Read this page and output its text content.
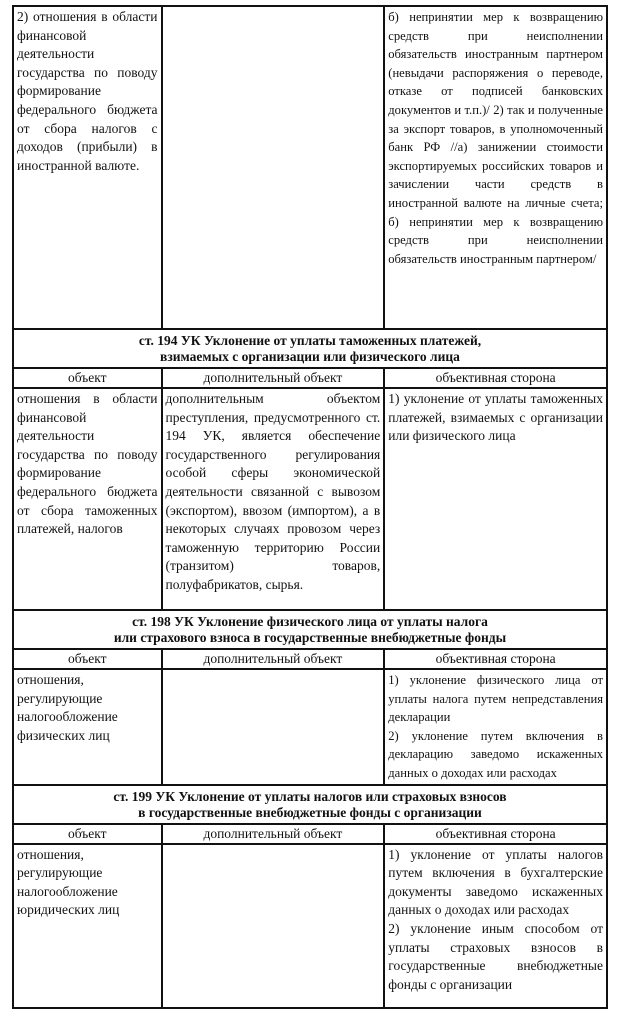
2) отношения в области финансовой деятельности государства по поводу формирование федерального бюджета от сбора налогов с доходов (прибыли) в иностранной валюте.		б) непринятии мер к возвращению средств при неисполнении обязательств иностранным партнером (невыдачи распоряжения о переводе, отказе от подписей банковских документов и т.п.)/ 2) так и полученные за экспорт товаров, в уполномоченный банк РФ //а) занижении стоимости экспортируемых российских товаров и зачислении части средств в иностранной валюте на личные счета; б) непринятии мер к возвращению средств при неисполнении обязательств иностранным партнером/

ст. 194 УК Уклонение от уплаты таможенных платежей,
взимаемых с организации или физического лица		

объект	дополнительный объект	объективная сторона
отношения в области финансовой деятельности государства по поводу формирование федерального бюджета от сбора таможенных платежей, налогов	дополнительным объектом преступления, предусмотренного ст. 194 УК, является обеспечение государственного регулирования особой сферы экономической деятельности связанной с вывозом (экспортом), ввозом (импортом), а в некоторых случаях провозом через таможенную территорию России (транзитом) товаров, полуфабрикатов, сырья.	1) уклонение от уплаты таможенных платежей, взимаемых с организации или физического лица

ст. 198 УК Уклонение физического лица от уплаты налога
или страхового взноса в государственные внебюджетные фонды		

объект	дополнительный объект	объективная сторона
отношения, регулирующие налогообложение физических лиц		1) уклонение физического лица от уплаты налога путем непредставления декларации
2) уклонение путем включения в декларацию заведомо искаженных данных о доходах или расходах

ст. 199 УК Уклонение от уплаты налогов или страховых взносов
в государственные внебюджетные фонды с организации		

объект	дополнительный объект	объективная сторона
отношения, регулирующие налогообложение юридических лиц		1) уклонение от уплаты налогов путем включения в бухгалтерские документы заведомо искаженных данных о доходах или расходах
2) уклонение иным способом от уплаты страховых взносов в государственные внебюджетные фонды с организации
